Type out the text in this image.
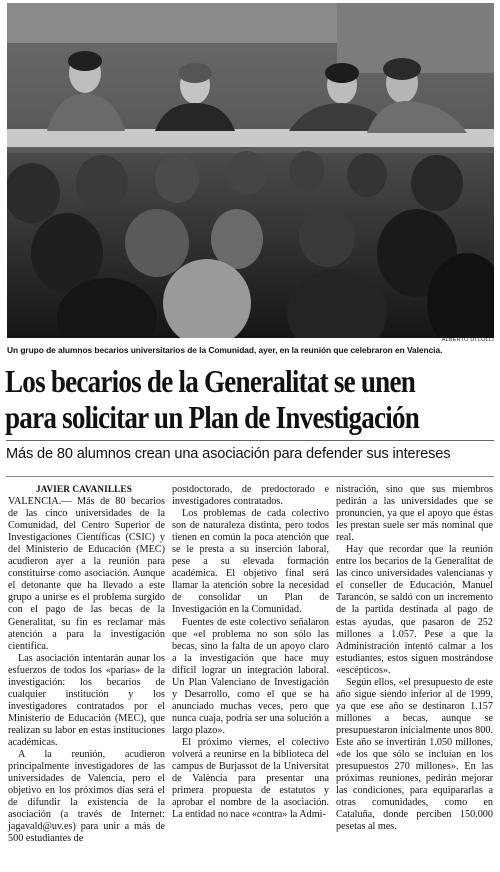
ALBERTO DI LOLLI
Un grupo de alumnos becarios universitarios de la Comunidad, ayer, en la reunión que celebraron en Valencia.
Los becarios de la Generalitat se unen
para solicitar un Plan de Investigación
Más de 80 alumnos crean una asociación para defender sus intereses

JAVIER CAVANILLES

VALENCIA.— Más de 80 becarios de las cinco universidades de la Comunidad, del Centro Superior de Investigaciones Científicas (CSIC) y del Ministerio de Educación (MEC) acudieron ayer a la reunión para constituirse como asociación. Aunque el detonante que ha llevado a este grupo a unirse es el problema surgido con el pago de las becas de la Generalitat, su fin es reclamar más atención a para la investigación científica.

Las asociación intentarán aunar los esfuerzos de todos los «parias» de la investigación: los becarios de cualquier institución y los investigadores contratados por el Ministerio de Educación (MEC), que realizan su labor en estas instituciones académicas.

A la reunión, acudieron principalmente investigadores de las universidades de Valencia, pero el objetivo en los próximos días será el de difundir la existencia de la asociación (a través de Internet: jagavald@uv.es) para unir a más de 500 estudiantes de

postdoctorado, de predoctorado e investigadores contratados.

Los problemas de cada colectivo son de naturaleza distinta, pero todos tienen en común la poca atención que se le presta a su inserción laboral, pese a su elevada formación académica. El objetivo final será llamar la atención sobre la necesidad de consolidar un Plan de Investigación en la Comunidad.

Fuentes de este colectivo señalaron que «el problema no son sólo las becas, sino la falta de un apoyo claro a la investigación que hace muy difícil lograr un integración laboral. Un Plan Valenciano de Investigación y Desarrollo, como el que se ha anunciado muchas veces, pero que nunca cuaja, podría ser una solución a largo plazo».

El próximo viernes, el colectivo volverá a reunirse en la biblioteca del campus de Burjassot de la Universitat de València para presentar una primera propuesta de estatutos y aprobar el nombre de la asociación. La entidad no nace «contra» la Admi-

nistración, sino que sus miembros pedirán a las universidades que se pronuncien, ya que el apoyo que éstas les prestan suele ser más nominal que real.

Hay que recordar que la reunión entre los becarios de la Generalitat de las cinco universidades valencianas y el conseller de Educación, Manuel Tarancón, se saldó con un incremento de la partida destinada al pago de estas ayudas, que pasaron de 252 millones a 1.057. Pese a que la Administración intentó calmar a los estudiantes, estos siguen mostrándose «escépticos».

Según ellos, «el presupuesto de este año sigue siendo inferior al de 1999, ya que ese año se destinaron 1.157 millones a becas, aunque se presupuestaron inicialmente unos 800. Este año se invertirán 1.050 millones, «de los que sólo se incluían en los presupuestos 270 millones». En las próximas reuniones, pedirán mejorar las condiciones, para equipararlas a otras comunidades, como en Cataluña, donde perciben 150.000 pesetas al mes.
